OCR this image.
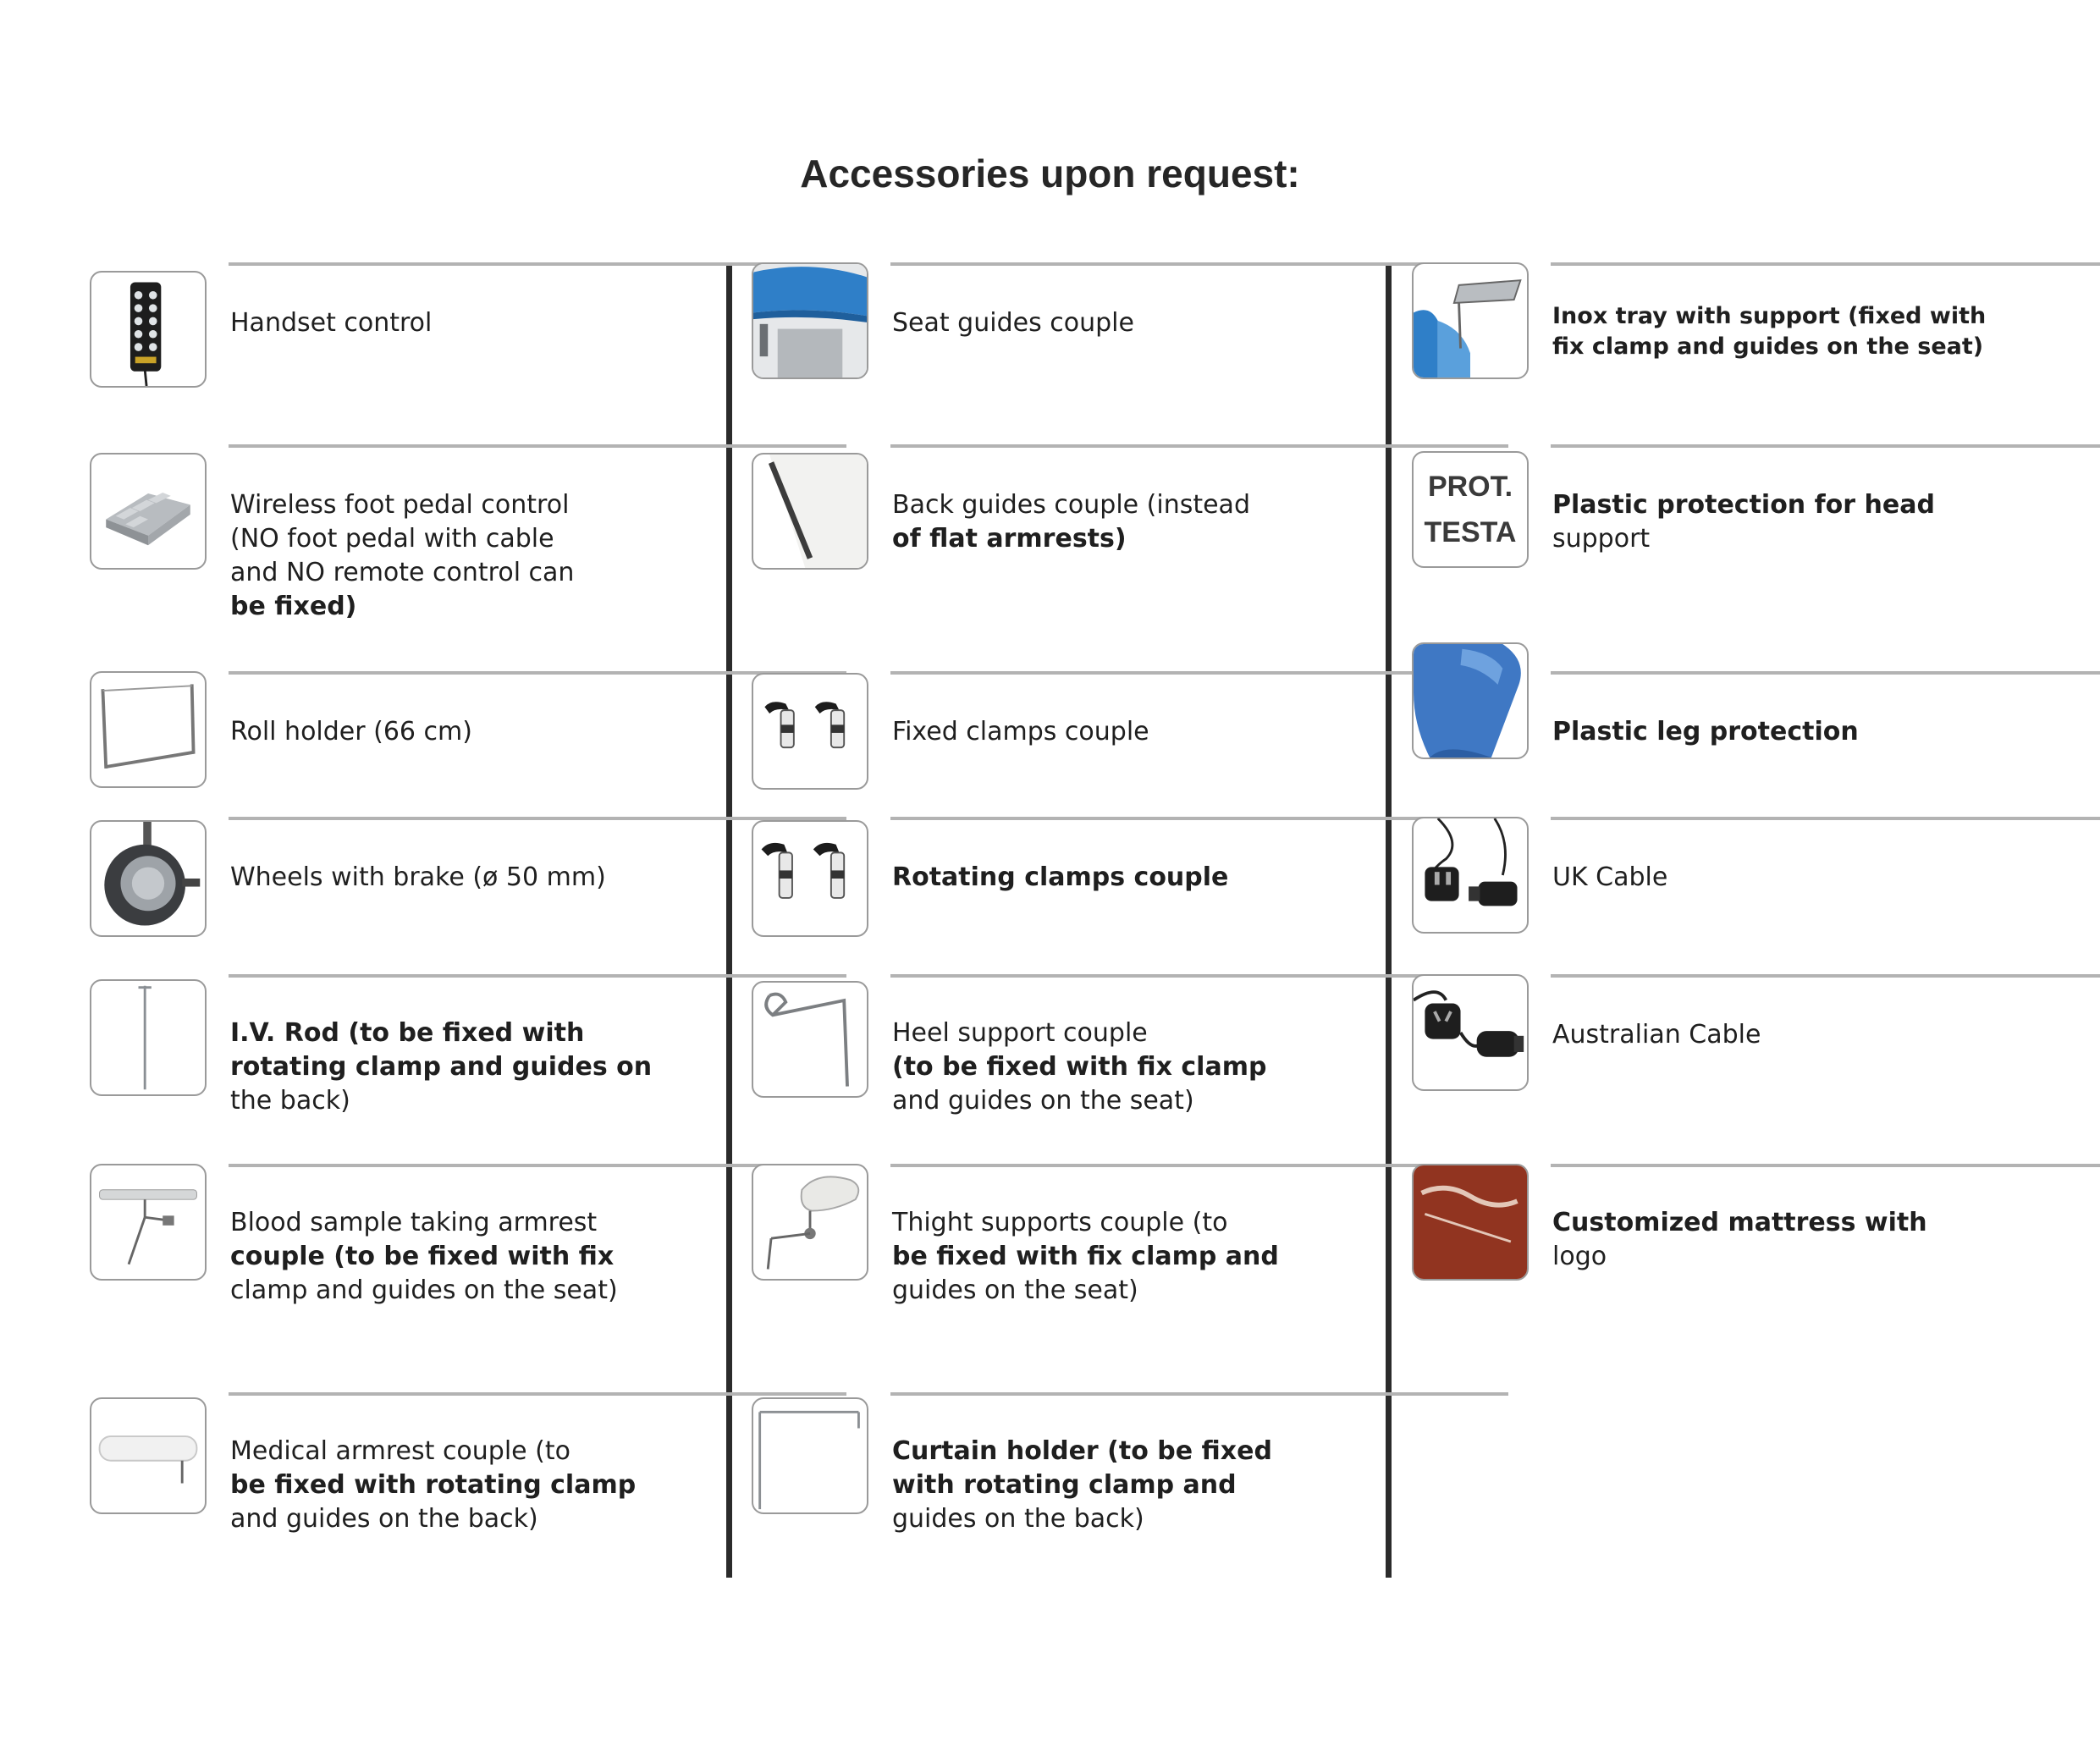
Accessories upon request:
Handset control
Wireless foot pedal control
(NO foot pedal with cable
and NO remote control can
be fixed)
Roll holder (66 cm)
Wheels with brake (ø 50 mm)
I.V. Rod (to be fixed with
rotating clamp and guides on
the back)
Blood sample taking armrest
couple (to be fixed with fix
clamp and guides on the seat)
Medical armrest couple (to
be fixed with rotating clamp
and guides on the back)
Seat guides couple
Back guides couple (instead
of flat armrests)
Fixed clamps couple
Rotating clamps couple
Heel support couple
(to be fixed with fix clamp
and guides on the seat)
Thight supports couple (to
be fixed with fix clamp and
guides on the seat)
Curtain holder (to be fixed
with rotating clamp and
guides on the back)
Inox tray with support (fixed with
fix clamp and guides on the seat)
PROT.
TESTA
Plastic protection for head
support
Plastic leg protection
UK Cable
Australian Cable
Customized mattress with
logo
